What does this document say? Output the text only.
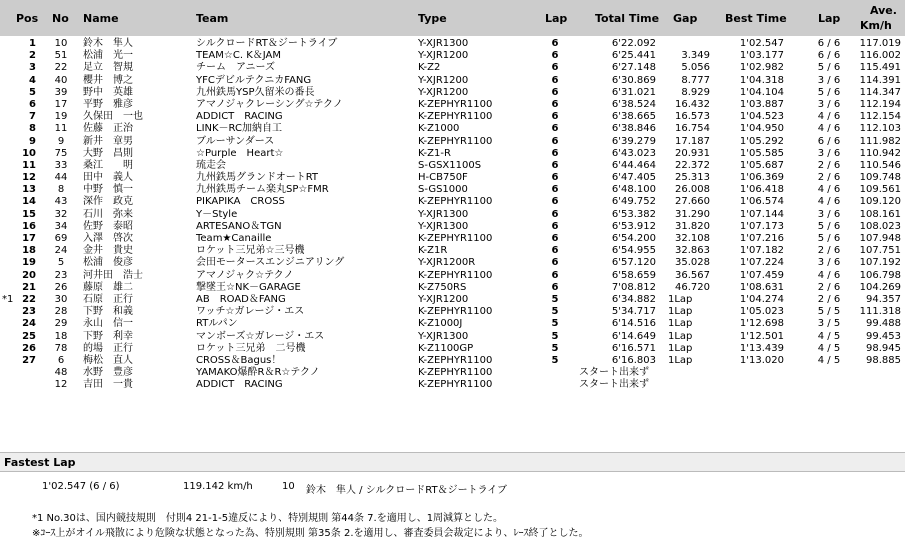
Pos No Name	Team	Type	Lap	Total Time Gap	Best Time	Lap
Ave.
Km/h
1	10	鈴木　隼人	シルクロードRT＆ジートライブ	Y-XJR1300	6	6'22.092	1'02.547	6 / 6	117.019
2	51	松浦　光一	TEAM☆C. K＆JAM	Y-XJR1200	6	6'25.441	3.349	1'03.177	6 / 6	116.002
3	22	足立　智規	チーム　アニーズ	K-Z2	6	6'27.148	5.056	1'02.982	5 / 6	115.491
4	40	櫻井　博之	YFCデビルテクニカFANG	Y-XJR1200	6	6'30.869	8.777	1'04.318	3 / 6	114.391
5	39	野中　英雄	九州鉄馬YSP久留米の番長	Y-XJR1200	6	6'31.021	8.929	1'04.104	5 / 6	114.347
6	17	平野　雅彦	アマノジャクレーシング☆テクノ	K-ZEPHYR1100	6	6'38.524	16.432	1'03.887	3 / 6	112.194
7	19	久保田　一也	ADDICT　RACING	K-ZEPHYR1100	6	6'38.665	16.573	1'04.523	4 / 6	112.154
8	11	佐藤　正治	LINK－RC加納自工	K-Z1000	6	6'38.846	16.754	1'04.950	4 / 6	112.103
9	9	新井　章男	ブルーサンダース	K-ZEPHYR1100	6	6'39.279	17.187	1'05.292	6 / 6	111.982
10	75	大野　昌則	☆Purple　Heart☆	K-Z1-R	6	6'43.023	20.931	1'05.585	3 / 6	110.942
11	33	桑江　　明	琉走会	S-GSX1100S	6	6'44.464	22.372	1'05.687	2 / 6	110.546
12	44	田中　義人	九州鉄馬グランドオートRT	H-CB750F	6	6'47.405	25.313	1'06.369	2 / 6	109.748
13	8	中野　慎一	九州鉄馬チーム楽丸SP☆FMR	S-GS1000	6	6'48.100	26.008	1'06.418	4 / 6	109.561
14	43	深作　政克	PIKAPIKA　CROSS	K-ZEPHYR1100	6	6'49.752	27.660	1'06.574	4 / 6	109.120
15	32	石川　弥来	Y－Style	Y-XJR1300	6	6'53.382	31.290	1'07.144	3 / 6	108.161
16	34	佐野　泰昭	ARTESANO＆TGN	Y-XJR1300	6	6'53.912	31.820	1'07.173	5 / 6	108.023
17	69	入澤　啓次	Team★Canaille	K-ZEPHYR1100	6	6'54.200	32.108	1'07.216	5 / 6	107.948
18	24	金井　貴史	ロケット三兄弟☆三号機	K-Z1R	6	6'54.955	32.863	1'07.182	2 / 6	107.751
19	5	松浦　俊彦	会田モータースエンジニアリング	Y-XJR1200R	6	6'57.120	35.028	1'07.224	3 / 6	107.192
20	23	河井田　浩士	アマノジャク☆テクノ	K-ZEPHYR1100	6	6'58.659	36.567	1'07.459	4 / 6	106.798
21	26	藤原　雄二	撃墜王☆NK－GARAGE	K-Z750RS	6	7'08.812	46.720	1'08.631	2 / 6	104.269
*1 22	30	石原　正行	AB　ROAD＆FANG	Y-XJR1200	5	6'34.882 1Lap	1'04.274	2 / 6	94.357
23	28	下野　和義	ワッチ☆ガレージ・エス	K-ZEPHYR1100	5	5'34.717 1Lap	1'05.023	5 / 5	111.318
24	29	永山　信一	RTルパン	K-Z1000J	5	6'14.516 1Lap	1'12.698	3 / 5	99.488
25	18	下野　利幸	マンボーズ☆ガレージ・エス	Y-XJR1300	5	6'14.649 1Lap	1'12.501	4 / 5	99.453
26	78	的場　正行	ロケット三兄弟　二号機	K-Z1100GP	5	6'16.571 1Lap	1'13.439	4 / 5	98.945
27	6	梅松　直人	CROSS＆Bagus！	K-ZEPHYR1100	5	6'16.803 1Lap	1'13.020	4 / 5	98.885
48	水野　豊彦	YAMAKO爆酔R＆R☆テクノ	K-ZEPHYR1100	スタート出来ず
12	吉田　一貴	ADDICT　RACING	K-ZEPHYR1100	スタート出来ず
Fastest Lap
1'02.547 (6 / 6)	119.142 km/h	10 鈴木　隼人 / シルクロードRT＆ジートライブ
*1 No.30は、国内競技規則　付則4 21-1-5違反により、特別規則 第44条 7.を適用し、1周減算とした。
※ｺｰｽ上がオイル飛散により危険な状態となった為、特別規則 第35条 2.を適用し、審査委員会裁定により、ﾚｰｽ終了とした。
